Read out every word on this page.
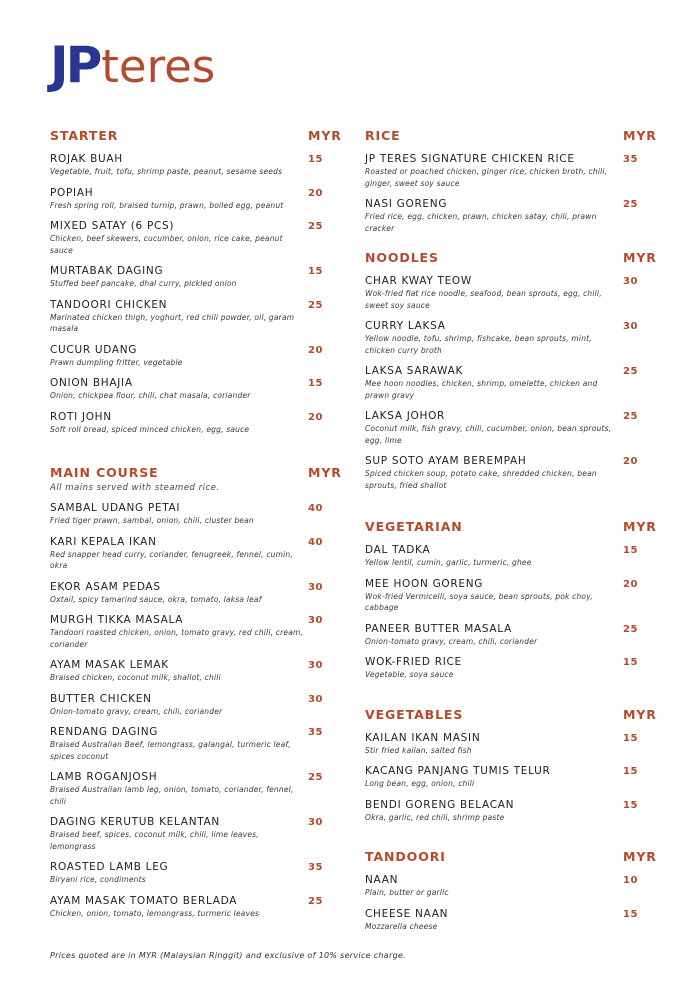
JP teres
STARTER	MYR
ROJAK BUAH
Vegetable, fruit, tofu, shrimp paste, peanut, sesame seeds
15
POPIAH
Fresh spring roll, braised turnip, prawn, boiled egg, peanut
20
MIXED SATAY (6 PCS)
Chicken, beef skewers, cucumber, onion, rice cake, peanut sauce
25
MURTABAK DAGING
Stuffed beef pancake, dhal curry, pickled onion
15
TANDOORI CHICKEN
Marinated chicken thigh, yoghurt, red chili powder, oil, garam masala
25
CUCUR UDANG
Prawn dumpling fritter, vegetable
20
ONION BHAJIA
Onion, chickpea flour, chili, chat masala, coriander
15
ROTI JOHN
Soft roll bread, spiced minced chicken, egg, sauce
20
MAIN COURSE	MYR
All mains served with steamed rice.
SAMBAL UDANG PETAI
Fried tiger prawn, sambal, onion, chili, cluster bean
40
KARI KEPALA IKAN
Red snapper head curry, coriander, fenugreek, fennel, cumin, okra
40
EKOR ASAM PEDAS
Oxtail, spicy tamarind sauce, okra, tomato, laksa leaf
30
MURGH TIKKA MASALA
Tandoori roasted chicken, onion, tomato gravy, red chili, cream, coriander
30
AYAM MASAK LEMAK
Braised chicken, coconut milk, shallot, chili
30
BUTTER CHICKEN
Onion-tomato gravy, cream, chili, coriander
30
RENDANG DAGING
Braised Australian Beef, lemongrass, galangal, turmeric leaf, spices coconut
35
LAMB ROGANJOSH
Braised Australian lamb leg, onion, tomato, coriander, fennel, chili
25
DAGING KERUTUB KELANTAN
Braised beef, spices, coconut milk, chili, lime leaves, lemongrass
30
ROASTED LAMB LEG
Biryani rice, condiments
35
AYAM MASAK TOMATO BERLADA
Chicken, onion, tomato, lemongrass, turmeric leaves
25
RICE	MYR
JP TERES SIGNATURE CHICKEN RICE
Roasted or poached chicken, ginger rice, chicken broth, chili, ginger, sweet soy sauce
35
NASI GORENG
Fried rice, egg, chicken, prawn, chicken satay, chili, prawn cracker
25
NOODLES	MYR
CHAR KWAY TEOW
Wok-fried flat rice noodle, seafood, bean sprouts, egg, chili, sweet soy sauce
30
CURRY LAKSA
Yellow noodle, tofu, shrimp, fishcake, bean sprouts, mint, chicken curry broth
30
LAKSA SARAWAK
Mee hoon noodles, chicken, shrimp, omelette, chicken and prawn gravy
25
LAKSA JOHOR
Coconut milk, fish gravy, chili, cucumber, onion, bean sprouts, egg, lime
25
SUP SOTO AYAM BEREMPAH
Spiced chicken soup, potato cake, shredded chicken, bean sprouts, fried shallot
20
VEGETARIAN	MYR
DAL TADKA
Yellow lentil, cumin, garlic, turmeric, ghee
15
MEE HOON GORENG
Wok-fried Vermicelli, soya sauce, bean sprouts, pok choy, cabbage
20
PANEER BUTTER MASALA
Onion-tomato gravy, cream, chili, coriander
25
WOK-FRIED RICE
Vegetable, soya sauce
15
VEGETABLES	MYR
KAILAN IKAN MASIN
Stir fried kailan, salted fish
15
KACANG PANJANG TUMIS TELUR
Long bean, egg, onion, chili
15
BENDI GORENG BELACAN
Okra, garlic, red chili, shrimp paste
15
TANDOORI	MYR
NAAN
Plain, butter or garlic
10
CHEESE NAAN
Mozzarella cheese
15
Prices quoted are in MYR (Malaysian Ringgit) and exclusive of 10% service charge.
